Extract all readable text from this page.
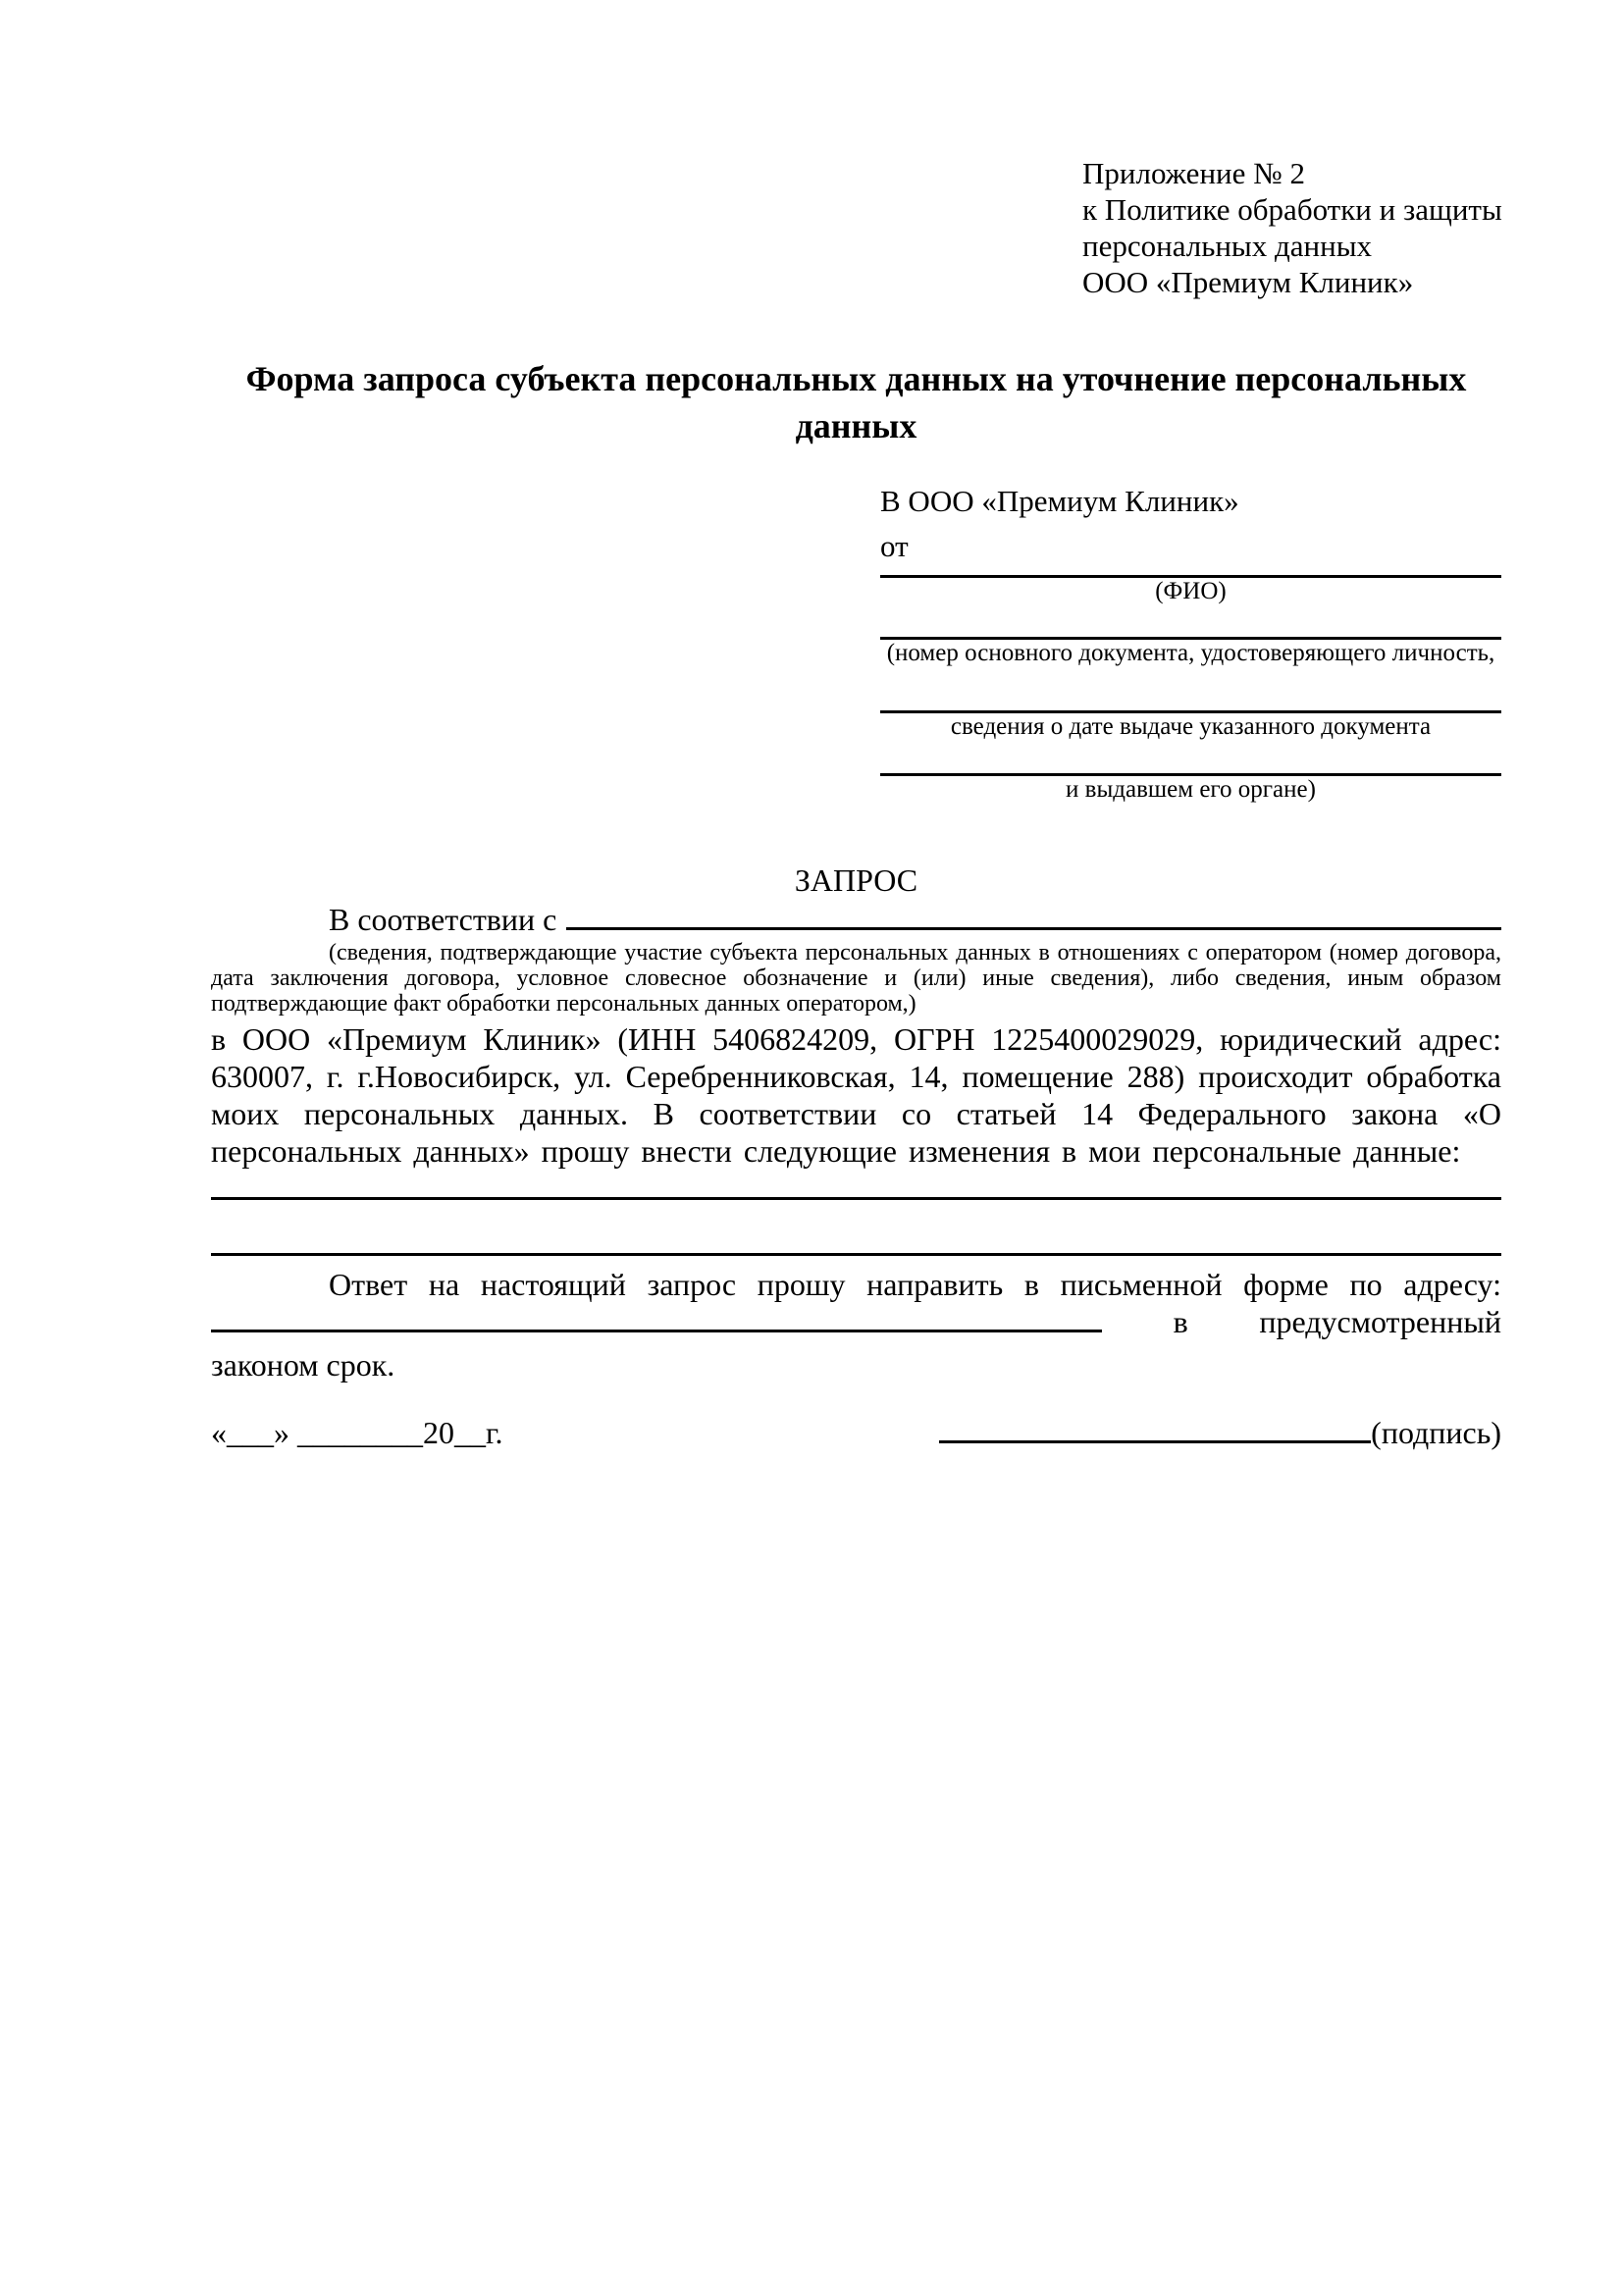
Приложение № 2
к Политике обработки и защиты
персональных данных
ООО «Премиум Клиник»
В ООО «Премиум Клиник»
от
(ФИО)
(номер основного документа, удостоверяющего личность,
сведения о дате выдаче указанного документа
и выдавшем его органе)
Форма запроса субъекта персональных данных на уточнение персональных данных
ЗАПРОС
В соответствии с
(сведения, подтверждающие участие субъекта персональных данных в отношениях с оператором (номер договора, дата заключения договора, условное словесное обозначение и (или) иные сведения), либо сведения, иным образом подтверждающие факт обработки персональных данных оператором,)
в ООО «Премиум Клиник» (ИНН 5406824209, ОГРН 1225400029029, юридический адрес: 630007, г. г.Новосибирск, ул. Серебренниковская, 14, помещение 288) происходит обработка моих персональных данных. В соответствии со статьей 14 Федерального закона «О персональных данных» прошу внести следующие изменения в мои персональные данные:
Ответ на настоящий запрос прошу направить в письменной форме по адресу:
в предусмотренный
законом срок.
«___» ________20__г.	(подпись)
